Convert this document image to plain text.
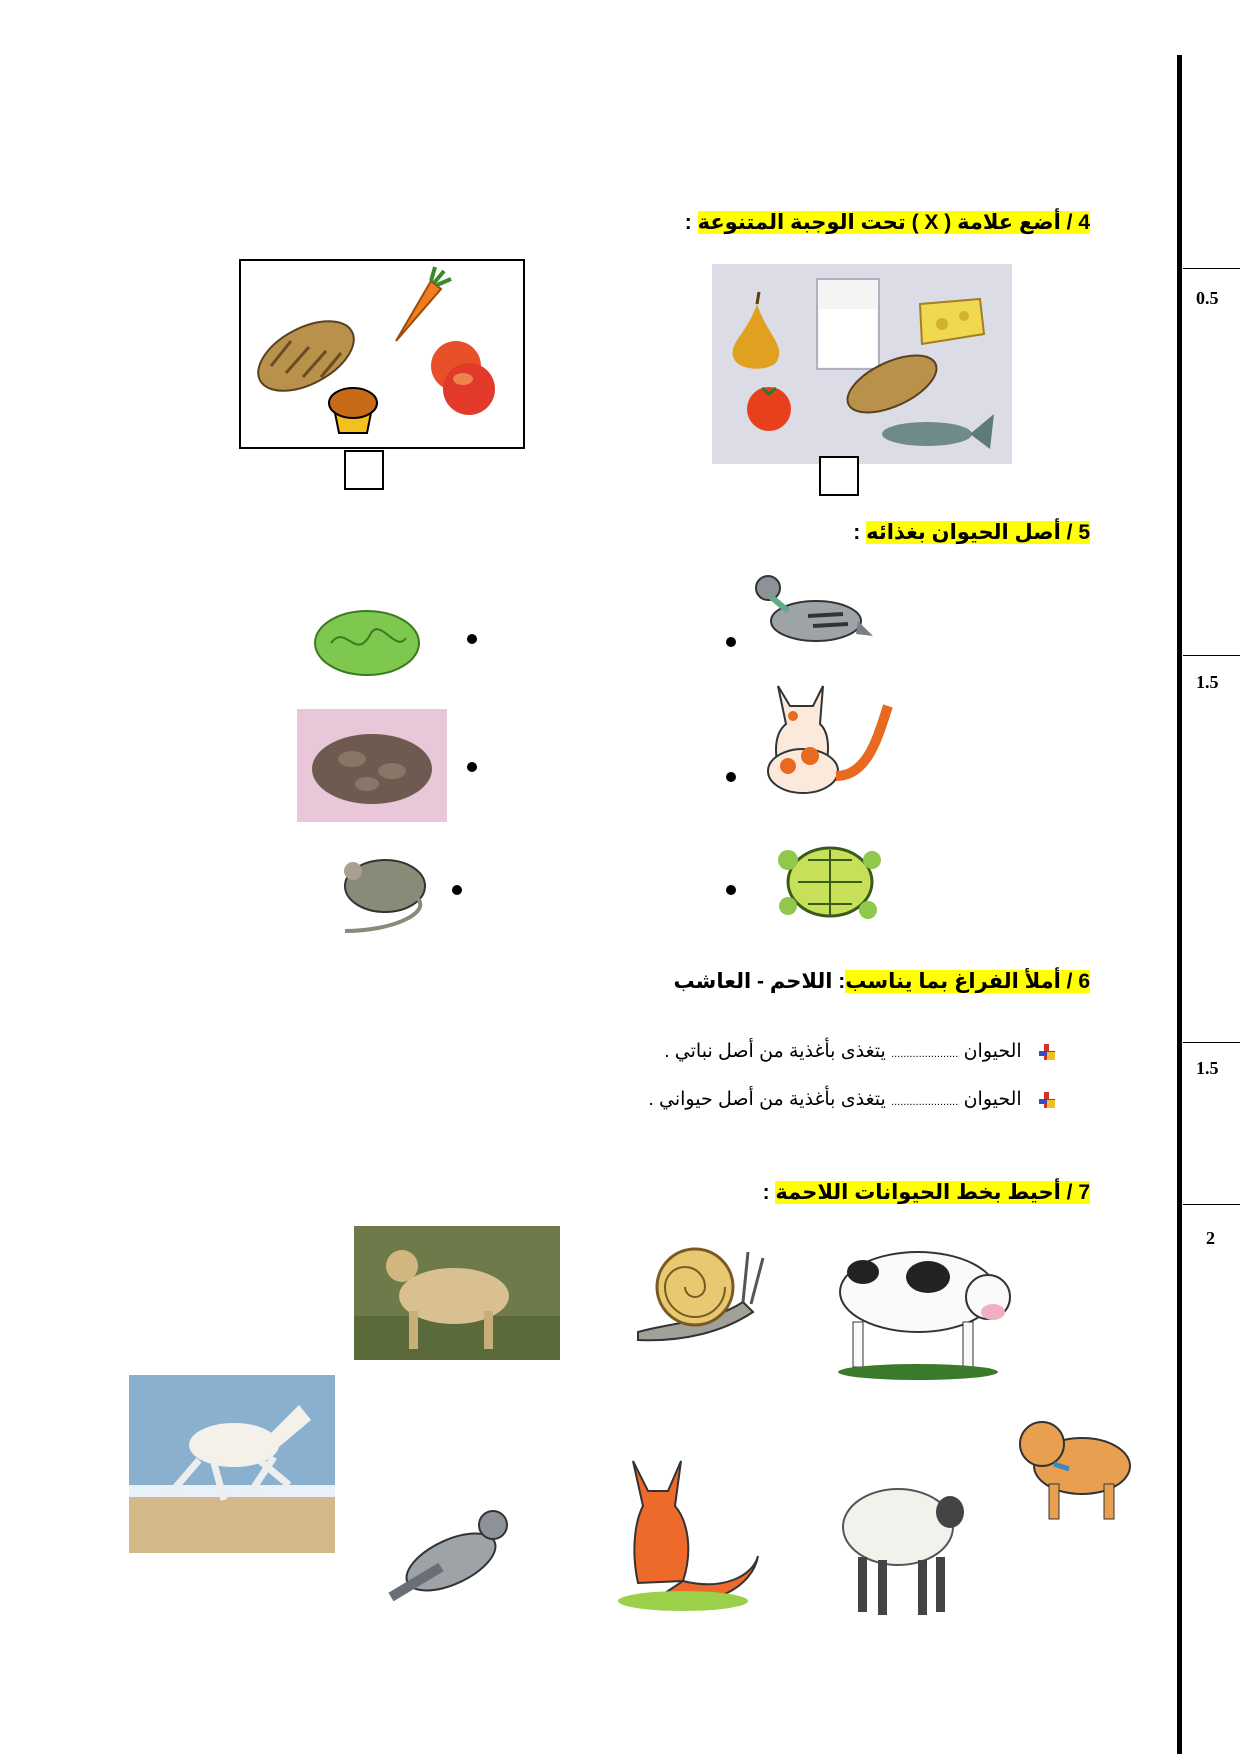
0.5
1.5
1.5
2
4 / أضع علامة ( X ) تحت الوجبة المتنوعة :
5 / أصل الحيوان بغذائه :
6 / أملأ الفراغ بما يناسب: اللاحم - العاشب
الحيوان ...................... يتغذى بأغذية من أصل نباتي .
الحيوان ...................... يتغذى بأغذية من أصل حيواني .
7 / أحيط بخط الحيوانات اللاحمة :
